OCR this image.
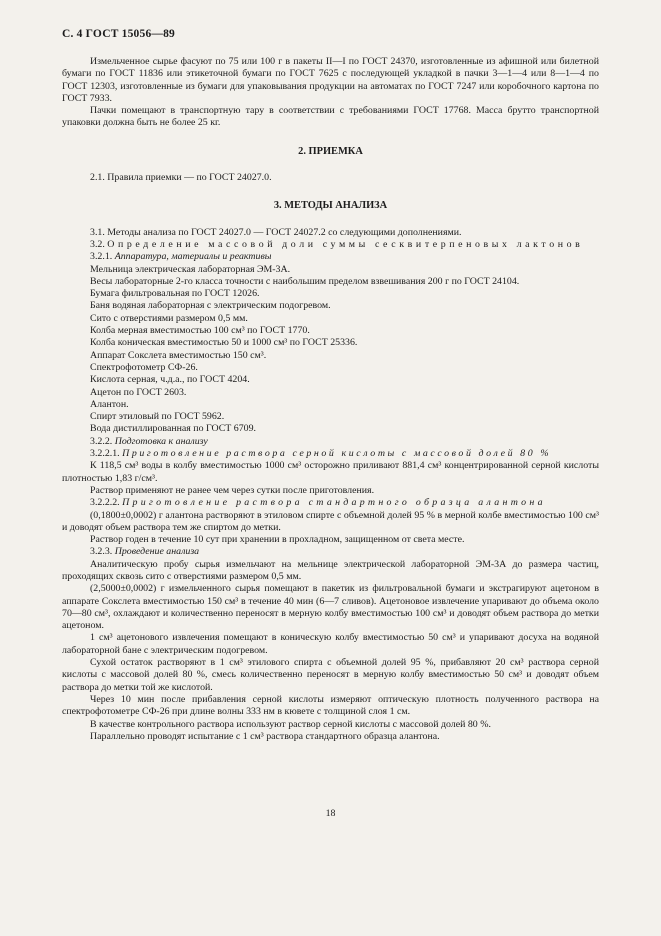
С. 4 ГОСТ 15056—89

Измельченное сырье фасуют по 75 или 100 г в пакеты II—I по ГОСТ 24370, изготовленные из афишной или билетной бумаги по ГОСТ 11836 или этикеточной бумаги по ГОСТ 7625 с последующей укладкой в пачки 3—1—4 или 8—1—4 по ГОСТ 12303, изготовленные из бумаги для упаковывания продукции на автоматах по ГОСТ 7247 или коробочного картона по ГОСТ 7933.

Пачки помещают в транспортную тару в соответствии с требованиями ГОСТ 17768. Масса брутто транспортной упаковки должна быть не более 25 кг.

2. ПРИЕМКА

2.1. Правила приемки — по ГОСТ 24027.0.

3. МЕТОДЫ АНАЛИЗА

3.1. Методы анализа по ГОСТ 24027.0 — ГОСТ 24027.2 со следующими дополнениями.

3.2. Определение массовой доли суммы сесквитерпеновых лактонов

3.2.1. Аппаратура, материалы и реактивы

Мельница электрическая лабораторная ЭМ-3А.

Весы лабораторные 2-го класса точности с наибольшим пределом взвешивания 200 г по ГОСТ 24104.

Бумага фильтровальная по ГОСТ 12026.

Баня водяная лабораторная с электрическим подогревом.

Сито с отверстиями размером 0,5 мм.

Колба мерная вместимостью 100 см³ по ГОСТ 1770.

Колба коническая вместимостью 50 и 1000 см³ по ГОСТ 25336.

Аппарат Сокслета вместимостью 150 см³.

Спектрофотометр СФ-26.

Кислота серная, ч.д.а., по ГОСТ 4204.

Ацетон по ГОСТ 2603.

Алантон.

Спирт этиловый по ГОСТ 5962.

Вода дистиллированная по ГОСТ 6709.

3.2.2. Подготовка к анализу

3.2.2.1. Приготовление раствора серной кислоты с массовой долей 80 %

К 118,5 см³ воды в колбу вместимостью 1000 см³ осторожно приливают 881,4 см³ концентрированной серной кислоты плотностью 1,83 г/см³.

Раствор применяют не ранее чем через сутки после приготовления.

3.2.2.2. Приготовление раствора стандартного образца алантона

(0,1800±0,0002) г алантона растворяют в этиловом спирте с объемной долей 95 % в мерной колбе вместимостью 100 см³ и доводят объем раствора тем же спиртом до метки.

Раствор годен в течение 10 сут при хранении в прохладном, защищенном от света месте.

3.2.3. Проведение анализа

Аналитическую пробу сырья измельчают на мельнице электрической лабораторной ЭМ-3А до размера частиц, проходящих сквозь сито с отверстиями размером 0,5 мм.

(2,5000±0,0002) г измельченного сырья помещают в пакетик из фильтровальной бумаги и экстрагируют ацетоном в аппарате Сокслета вместимостью 150 см³ в течение 40 мин (6—7 сливов). Ацетоновое извлечение упаривают до объема около 70—80 см³, охлаждают и количественно переносят в мерную колбу вместимостью 100 см³ и доводят объем раствора до метки ацетоном.

1 см³ ацетонового извлечения помещают в коническую колбу вместимостью 50 см³ и упаривают досуха на водяной лабораторной бане с электрическим подогревом.

Сухой остаток растворяют в 1 см³ этилового спирта с объемной долей 95 %, прибавляют 20 см³ раствора серной кислоты с массовой долей 80 %, смесь количественно переносят в мерную колбу вместимостью 50 см³ и доводят объем раствора до метки той же кислотой.

Через 10 мин после прибавления серной кислоты измеряют оптическую плотность полученного раствора на спектрофотометре СФ-26 при длине волны 333 нм в кювете с толщиной слоя 1 см.

В качестве контрольного раствора используют раствор серной кислоты с массовой долей 80 %.

Параллельно проводят испытание с 1 см³ раствора стандартного образца алантона.

18
